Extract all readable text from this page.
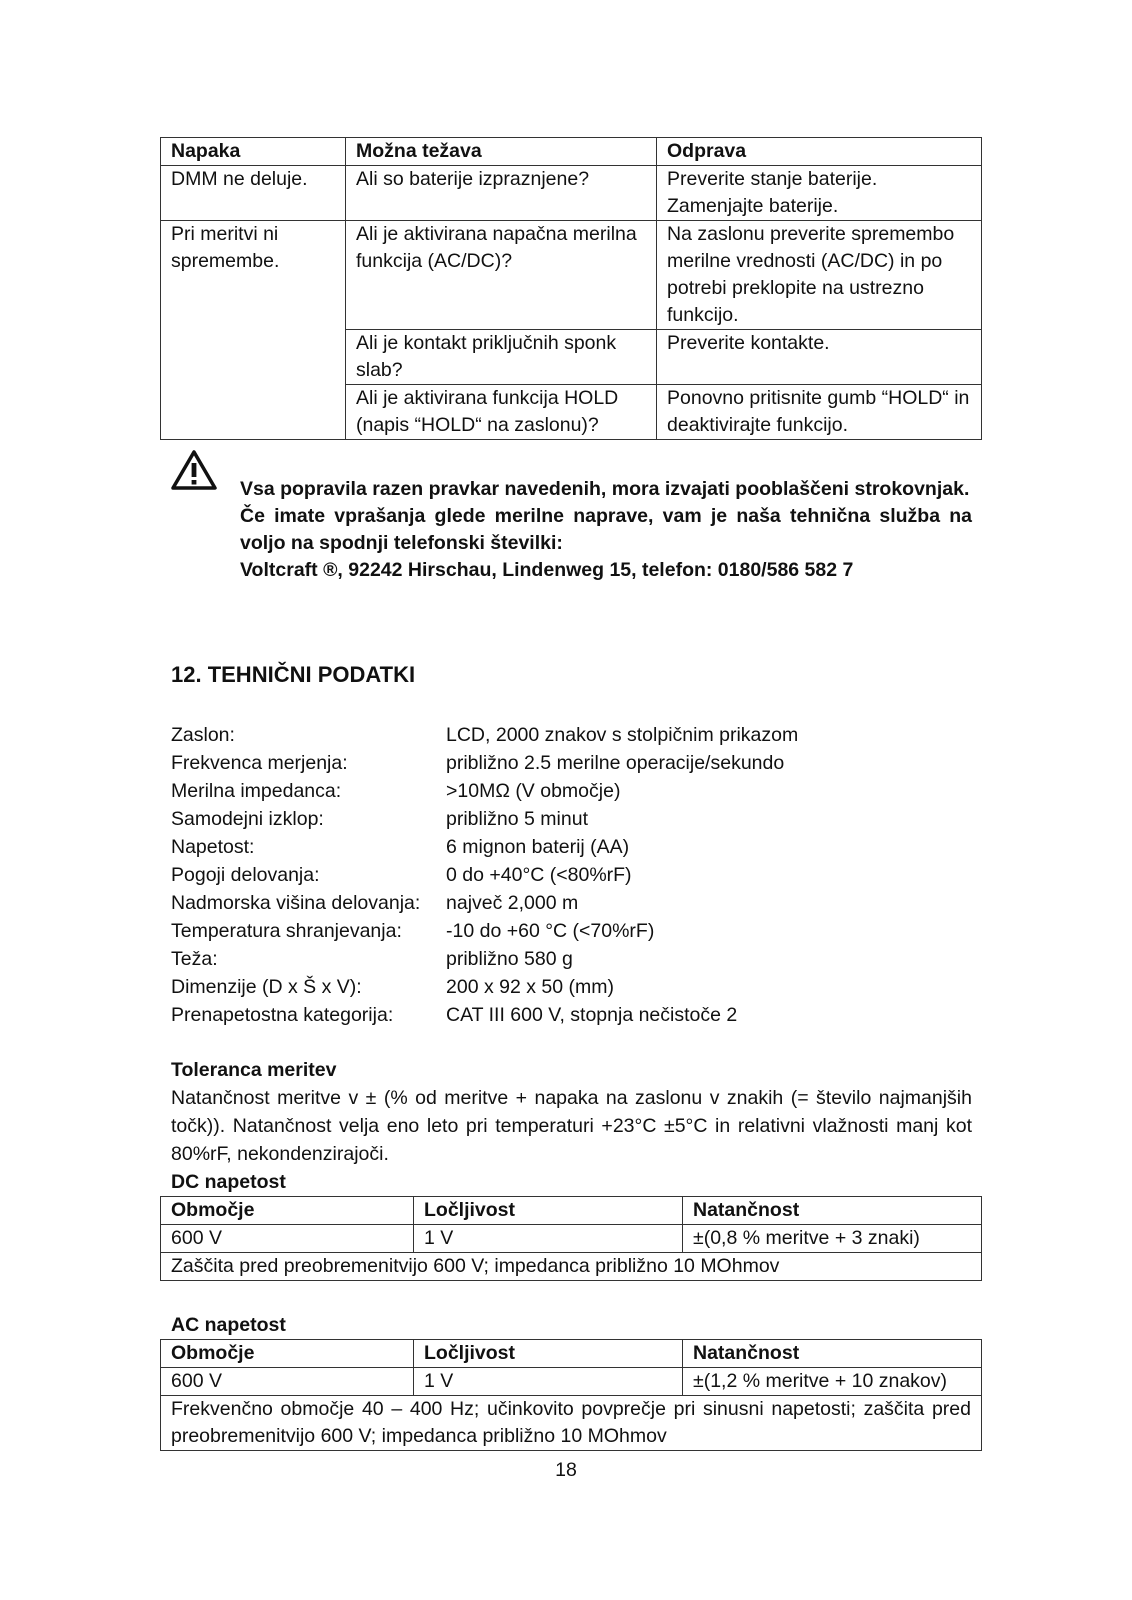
Napaka	Možna težava	Odprava
DMM ne deluje.	Ali so baterije izpraznjene?	Preverite stanje baterije. Zamenjajte baterije.
Pri meritvi ni spremembe.	Ali je aktivirana napačna merilna funkcija (AC/DC)?	Na zaslonu preverite spremembo merilne vrednosti (AC/DC) in po potrebi preklopite na ustrezno funkcijo.
	Ali je kontakt priključnih sponk slab?	Preverite kontakte.
	Ali je aktivirana funkcija HOLD (napis “HOLD“ na zaslonu)?	Ponovno pritisnite gumb “HOLD“ in deaktivirajte funkcijo.

Vsa popravila razen pravkar navedenih, mora izvajati pooblaščeni strokovnjak.

Če imate vprašanja glede merilne naprave, vam je naša tehnična služba na voljo na spodnji telefonski številki:

Voltcraft ®, 92242 Hirschau, Lindenweg 15, telefon: 0180/586 582 7

12. TEHNIČNI PODATKI
Zaslon:	LCD, 2000 znakov s stolpičnim prikazom
Frekvenca merjenja:	približno 2.5 merilne operacije/sekundo
Merilna impedanca:	>10MΩ (V območje)
Samodejni izklop:	približno 5 minut
Napetost:	6 mignon baterij (AA)
Pogoji delovanja:	0 do +40°C (<80%rF)
Nadmorska višina delovanja:	največ 2,000 m
Temperatura shranjevanja:	-10 do +60 °C (<70%rF)
Teža:	približno 580 g
Dimenzije (D x Š x V):	200 x 92 x 50 (mm)
Prenapetostna kategorija:	CAT III 600 V, stopnja nečistoče 2
Toleranca meritev

Natančnost meritve v ± (% od meritve + napaka na zaslonu v znakih (= število najmanjših točk)). Natančnost velja eno leto pri temperaturi +23°C ±5°C in relativni vlažnosti manj kot 80%rF, nekondenzirajoči.

DC napetost
Območje	Ločljivost	Natančnost
600 V	1 V	±(0,8 % meritve + 3 znaki)
Zaščita pred preobremenitvijo 600 V; impedanca približno 10 MOhmov		
AC napetost
Območje	Ločljivost	Natančnost
600 V	1 V	±(1,2 % meritve + 10 znakov)
Frekvenčno območje 40 – 400 Hz; učinkovito povprečje pri sinusni napetosti; zaščita pred preobremenitvijo 600 V; impedanca približno 10 MOhmov		
18
